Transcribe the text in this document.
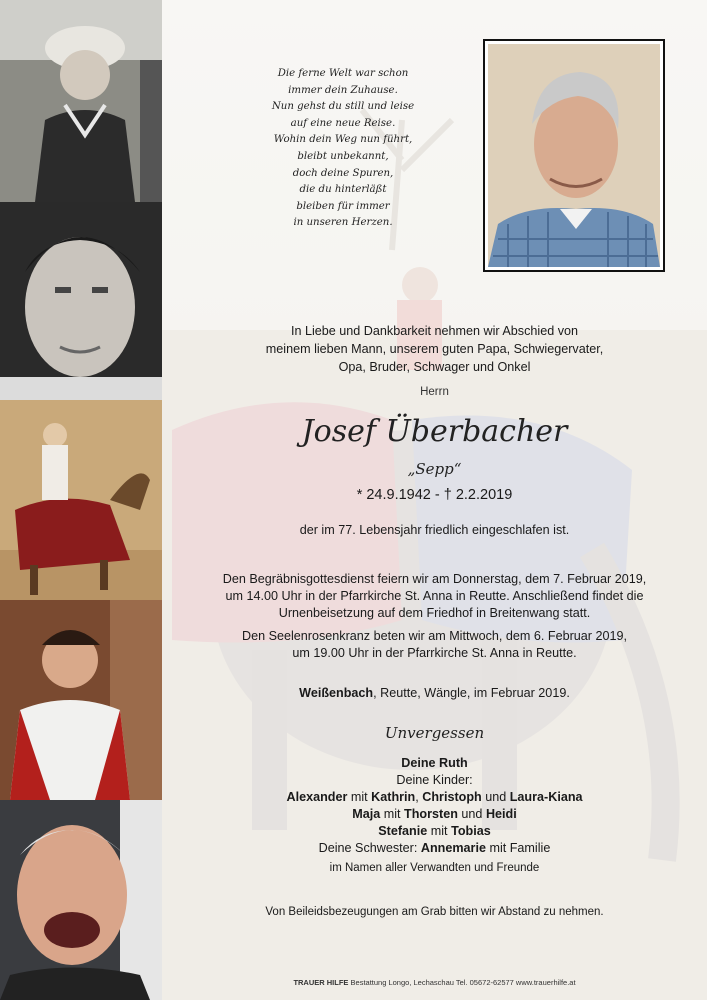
Die ferne Welt war schon
immer dein Zuhause.
Nun gehst du still und leise
auf eine neue Reise.
Wohin dein Weg nun führt,
bleibt unbekannt,
doch deine Spuren,
die du hinterläßt
bleiben für immer
in unseren Herzen.
In Liebe und Dankbarkeit nehmen wir Abschied von
meinem lieben Mann, unserem guten Papa, Schwiegervater,
Opa, Bruder, Schwager und Onkel
Herrn
Josef Überbacher
„Sepp“
* 24.9.1942 - † 2.2.2019
der im 77. Lebensjahr friedlich eingeschlafen ist.
Den Begräbnisgottesdienst feiern wir am Donnerstag, dem 7. Februar 2019,
um 14.00 Uhr in der Pfarrkirche St. Anna in Reutte. Anschließend findet die
Urnenbeisetzung auf dem Friedhof in Breitenwang statt.
Den Seelenrosenkranz beten wir am Mittwoch, dem 6. Februar 2019,
um 19.00 Uhr in der Pfarrkirche St. Anna in Reutte.
Weißenbach, Reutte, Wängle, im Februar 2019.
Unvergessen
Deine Ruth
Deine Kinder:
Alexander mit Kathrin, Christoph und Laura-Kiana
Maja mit Thorsten und Heidi
Stefanie mit Tobias
Deine Schwester: Annemarie mit Familie
im Namen aller Verwandten und Freunde
Von Beileidsbezeugungen am Grab bitten wir Abstand zu nehmen.
TRAUER HILFE Bestattung Longo, Lechaschau Tel. 05672-62577 www.trauerhilfe.at
